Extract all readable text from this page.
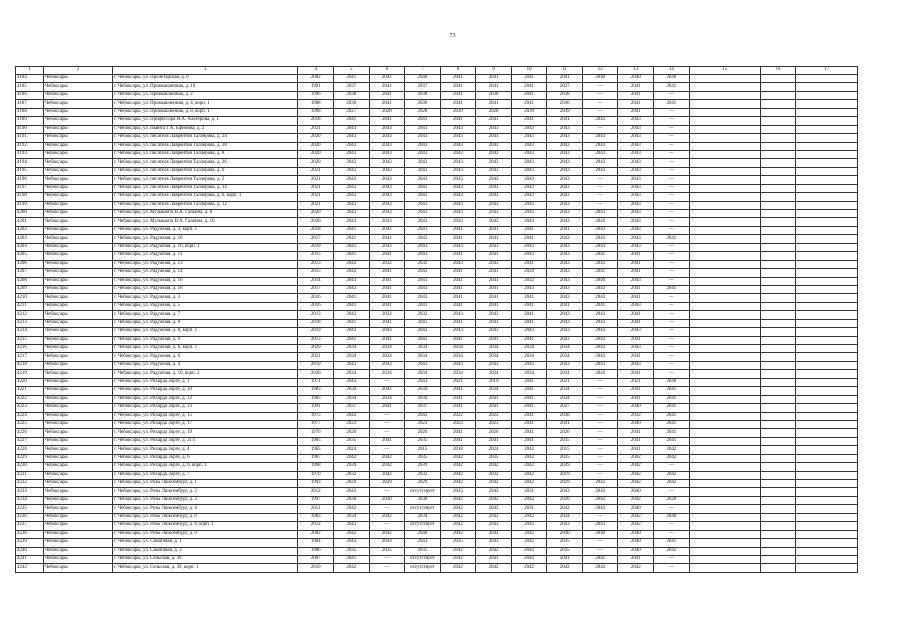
73
1	2	3	4	5	6	7	8	9	10	11	12	13	14	15	16	17
4184	Чебоксары	г. Чебоксары, ул. Пролетарская, д. 9	2002	2041	2041	2040	2041	2041	2041	2041	2040	2040	2040			
4185	Чебоксары	г. Чебоксары, ул. Промышленная, д. 10	1991	2037	2041	2037	2041	2041	2041	2037	—	2041	2041			
4186	Чебоксары	г. Чебоксары, ул. Промышленная, д. 2	1996	2038	2041	2038	2041	2038	2041	2038	—	2041	—			
4187	Чебоксары	г. Чебоксары, ул. Промышленная, д. 4, корп. 1	1988	2036	2041	2036	2041	2041	2041	2036	—	2041	2041			
4188	Чебоксары	г. Чебоксары, ул. Промышленная, д. 8, корп. 1	1998	2027	2028	2028	2039	2028	2039	2039	—	2041	—			
4189	Чебоксары	г. Чебоксары, ул. Профессора Н.А. Альтерова, д. 1	2018	2041	2041	2041	2041	2041	2041	2041	2043	2043	—			
4190	Чебоксары	г. Чебоксары, ул. Пьянта Г.А. Ефимова, д. 2	2021	2043	2043	2043	2043	2043	2043	2043	—	2043	—			
4191	Чебоксары	г. Чебоксары, ул. писателя Лаврентия Таллерова, д. 24	2020	2043	2043	2043	2043	2043	2043	2043	2043	2043	—			
4192	Чебоксары	г. Чебоксары, ул. писателя Лаврентия Таллерова, д. 30	2020	2043	2043	2043	2043	2043	2043	2043	2043	2043	—			
4193	Чебоксары	г. Чебоксары, ул. писателя Лаврентия Таллерова, д. 8	2020	2043	2043	2043	2043	2043	2043	2043	2043	2043	—			
4194	Чебоксары	г. Чебоксары, ул. писателя Лаврентия Таллерова, д. 26	2020	2043	2043	2043	2043	2043	2043	2043	2043	2043	—			
4195	Чебоксары	г. Чебоксары, ул. писателя Лаврентия Таллерова, д. 6	2021	2043	2043	2043	2043	2043	2043	2043	2043	2043	—			
4196	Чебоксары	г. Чебоксары, ул. писателя Лаврентия Таллерова, д. 2	2021	2043	2043	2043	2043	2043	2043	2043	—	2043	—			
4197	Чебоксары	г. Чебоксары, ул. писателя Лаврентия Таллерова, д. 14	2021	2043	2043	2043	2043	2043	2043	2043	—	2043	—			
4198	Чебоксары	г. Чебоксары, ул. писателя Лаврентия Таллерова, д. 6, корп. 1	2021	2043	2043	2043	2043	2043	2043	2043	—	2043	—			
4199	Чебоксары	г. Чебоксары, ул. писателя Лаврентия Таллерова, д. 12	2021	2043	2043	2043	2043	2043	2043	2043	—	2043	—			
4200	Чебоксары	г. Чебоксары, ул. Музыканта В.А. Галкина, д. 8	2020	2043	2043	2043	2043	2043	2043	2043	2043	2043	—			
4201	Чебоксары	г. Чебоксары, ул. Музыканта В.А. Галкина, д. 10	2020	2043	2043	2043	2043	2043	2043	2043	2043	2043	—			
4202	Чебоксары	г. Чебоксары, ул. Радужная, д. 3, корп. 1	2018	2041	2041	2041	2041	2041	2041	2041	2043	2043	—			
4203	Чебоксары	г. Чебоксары, ул. Радужная, д. 10	2017	2041	2041	2043	2041	2041	2041	2043	2043	2043	2041			
4204	Чебоксары	г. Чебоксары, ул. Радужная, д. 10, корп. 1	2019	2043	2043	2043	2043	2043	2043	2043	2043	2043	—			
4205	Чебоксары	г. Чебоксары, ул. Радужная, д. 11	2015	2041	2041	2043	2041	2041	2043	2043	2041	2041	—			
4206	Чебоксары	г. Чебоксары, ул. Радужная, д. 13	2013	2043	2032	2032	2043	2043	2041	2043	2043	2041	—			
4207	Чебоксары	г. Чебоксары, ул. Радужная, д. 14	2015	2043	2041	2043	2041	2041	2029	2043	2041	2041	—			
4208	Чебоксары	г. Чебоксары, ул. Радужная, д. 16	2014	2043	2041	2043	2041	2041	2032	2043	2040	2043	—			
4209	Чебоксары	г. Чебоксары, ул. Радужная, д. 18	2017	2043	2041	2043	2041	2041	2043	2043	2043	2041	2041			
4210	Чебоксары	г. Чебоксары, ул. Радужная, д. 3	2016	2041	2041	2043	2041	2041	2041	2043	2043	2041	—			
4211	Чебоксары	г. Чебоксары, ул. Радужная, д. 5	2016	2041	2041	2041	2041	2041	2041	2041	2041	2043	—			
4212	Чебоксары	г. Чебоксары, ул. Радужная, д. 7	2013	2043	2032	2032	2043	2043	2041	2043	2043	2041	—			
4213	Чебоксары	г. Чебоксары, ул. Радужная, д. 8	2018	2041	2041	2041	2041	2041	2041	2043	2043	2041	—			
4214	Чебоксары	г. Чебоксары, ул. Радужная, д. 8, корп. 1	2019	2043	2043	2043	2043	2043	2043	2043	2043	2043	—			
4215	Чебоксары	г. Чебоксары, ул. Радужная, д. 9	2013	2041	2041	2043	2041	2041	2041	2043	2043	2041	—			
4216	Чебоксары	г. Чебоксары, ул. Радужная, д. 6, корп. 1	2020	2034	2034	2034	2034	2034	2034	2034	2043	2043	—			
4217	Чебоксары	г. Чебоксары, ул. Радужная, д. 6	2021	2034	2034	2034	2034	2034	2034	2034	2043	2041	—			
4218	Чебоксары	г. Чебоксары, ул. Радужная, д. 4	2019	2043	2043	2043	2043	2043	2043	2043	2043	2043	—			
4219	Чебоксары	г. Чебоксары, ул. Радужная, д. 10, корп. 2	2020	2034	2034	2034	2034	2034	2034	2034	2043	2041	—			
4220	Чебоксары	г. Чебоксары, ул. Рихарда Зорге, д. 1	1971	2043	—	2043	2021	2019	2041	2021	—	2021	2040			
4221	Чебоксары	г. Чебоксары, ул. Рихарда Зорге, д. 10	1983	2034	2041	2034	2041	2034	2041	2034	—	2041	2041			
4222	Чебоксары	г. Чебоксары, ул. Рихарда Зорге, д. 12	1983	2034	2034	2034	2041	2041	2041	2034	—	2041	2041			
4223	Чебоксары	г. Чебоксары, ул. Рихарда Зорге, д. 13	1991	2037	2041	2037	2041	2041	2041	2037	—	2040	2041			
4224	Чебоксары	г. Чебоксары, ул. Рихарда Зорге, д. 15	1975	2043	—	2043	2022	2022	2041	2030	—	2032	2041			
4225	Чебоксары	г. Чебоксары, ул. Рихарда Зорге, д. 17	1977	2023	—	2023	2023	2023	2041	2041	—	2040	2041			
4226	Чебоксары	г. Чебоксары, ул. Рихарда Зорге, д. 19	1976	2026	—	2026	2041	2026	2041	2026	—	2041	2041			
4227	Чебоксары	г. Чебоксары, ул. Рихарда Зорге, д. 21/1	1985	2035	2041	2035	2041	2041	2041	2035	—	2041	2041			
4228	Чебоксары	г. Чебоксары, ул. Рихарда Зорге, д. 4	1965	2024	—	2015	2018	2024	2042	2015	—	2041	2042			
4229	Чебоксары	г. Чебоксары, ул. Рихарда Зорге, д. 6	1987	2042	2042	2035	2042	2035	2042	2035	—	2042	2042			
4230	Чебоксары	г. Чебоксары, ул. Рихарда Зорге, д. 6, корп. 1	1998	2039	2042	2039	2042	2042	2042	2039	—	2042	—			
4231	Чебоксары	г. Чебоксары, ул. Рихарда Зорге, д. 7	1970	2032	2042	2032	2042	2032	2042	2019	—	2042	2042			
4232	Чебоксары	г. Чебоксары, ул. Розы Люксембург, д. 1	1993	2029	2029	2029	2042	2042	2042	2029	2042	2042	2042			
4233	Чебоксары	г. Чебоксары, ул. Розы Люксембург, д. 2	2012	2043	—	отсутствует	2043	2043	2031	2043	2043	2040	—			
4234	Чебоксары	г. Чебоксары, ул. Розы Люксембург, д. 3	1997	2030	2030	2030	2042	2042	2042	2030	2042	2042	2020			
4235	Чебоксары	г. Чебоксары, ул. Розы Люксембург, д. 4	2011	2042	—	отсутствует	2042	2042	2031	2042	2043	2040	—			
4236	Чебоксары	г. Чебоксары, ул. Розы Люксембург, д. 6	1983	2034	2042	2034	2042	2042	2042	2034	—	2042	2040			
4237	Чебоксары	г. Чебоксары, ул. Розы Люксембург, д. 8, корп. 1	2012	2043	—	отсутствует	2042	2043	2043	2043	2043	2042	—			
4238	Чебоксары	г. Чебоксары, ул. Розы Люксембург, д. 9	2002	2042	2042	2040	2042	2042	2042	2040	2040	2040	—			
4239	Чебоксары	г. Чебоксары, ул. Саматовая, д. 1	1984	2043	2043	2043	2035	2043	2042	2035	—	2040	2041			
4240	Чебоксары	г. Чебоксары, ул. Саматовая, д. 2	1986	2035	2035	2035	2042	2042	2042	2035	—	2040	2042			
4241	Чебоксары	г. Чебоксары, ул. Сельская, д. 39	2007	2041	—	отсутствует	2042	2041	2042	2041	2041	2041	—			
4242	Чебоксары	г. Чебоксары, ул. Сельская, д. 39, корп. 1	2010	2042	—	отсутствует	2042	2042	2042	2042	2042	2042	—			
